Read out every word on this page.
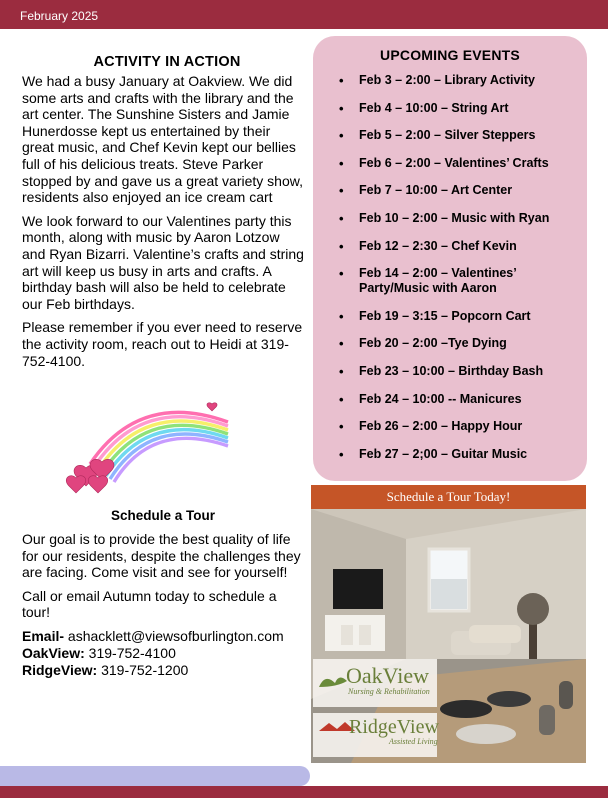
February 2025
ACTIVITY IN ACTION

We had a busy January at Oakview. We did some arts and crafts with the library and the art center. The Sunshine Sisters and Jamie Hunerdosse kept us entertained by their great music, and Chef Kevin kept our bellies full of his delicious treats. Steve Parker stopped by and gave us a great variety show, residents also enjoyed an ice cream cart

We look forward to our Valentines party this month, along with music by Aaron Lotzow and Ryan Bizarri. Valentine’s crafts and string art will keep us busy in arts and crafts. A birthday bash will also be held to celebrate our Feb birthdays.

Please remember if you ever need to reserve the activity room, reach out to Heidi at 319-752-4100.

Schedule a Tour

Our goal is to provide the best quality of life for our residents, despite the challenges they are facing. Come visit and see for yourself!

Call or email Autumn today to schedule a tour!

Email- ashacklett@viewsofburlington.com
OakView: 319-752-4100
RidgeView: 319-752-1200
UPCOMING EVENTS
• Feb 3 – 2:00 – Library Activity
• Feb 4 – 10:00 – String Art
• Feb 5 – 2:00 – Silver Steppers
• Feb 6 – 2:00 – Valentines’ Crafts
• Feb 7 – 10:00 – Art Center
• Feb 10 – 2:00 – Music with Ryan
• Feb 12 – 2:30 – Chef Kevin
• Feb 14 – 2:00 – Valentines’ Party/Music with Aaron
• Feb 19 – 3:15 – Popcorn Cart
• Feb 20 – 2:00 –Tye Dying
• Feb 23 – 10:00 – Birthday Bash
• Feb 24 – 10:00 -- Manicures
• Feb 26 – 2:00 – Happy Hour
• Feb 27 – 2;00 – Guitar Music
Schedule a Tour Today!
OakView
Nursing & Rehabilitation
RidgeView
Assisted Living
